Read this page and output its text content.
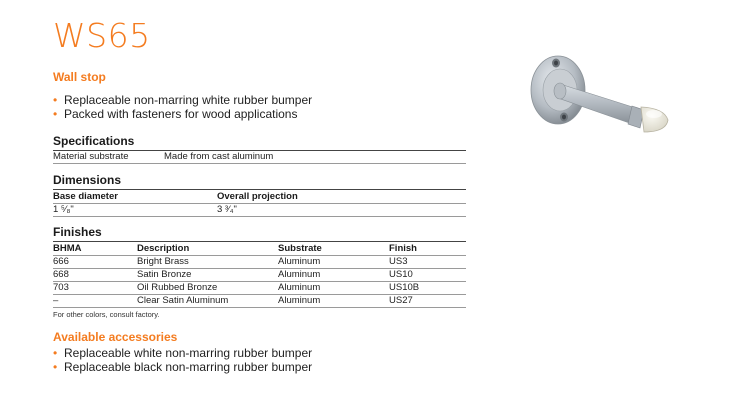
WS65
Wall stop
• Replaceable non-marring white rubber bumper
• Packed with fasteners for wood applications
Specifications
Material substrate	Made from cast aluminum
Dimensions
Base diameter	Overall projection
1 ⁵⁄₈"	3 ³⁄₄"
Finishes
BHMA	Description	Substrate	Finish
666	Bright Brass	Aluminum	US3
668	Satin Bronze	Aluminum	US10
703	Oil Rubbed Bronze	Aluminum	US10B
–	Clear Satin Aluminum	Aluminum	US27
For other colors, consult factory.
Available accessories
• Replaceable white non-marring rubber bumper
• Replaceable black non-marring rubber bumper
